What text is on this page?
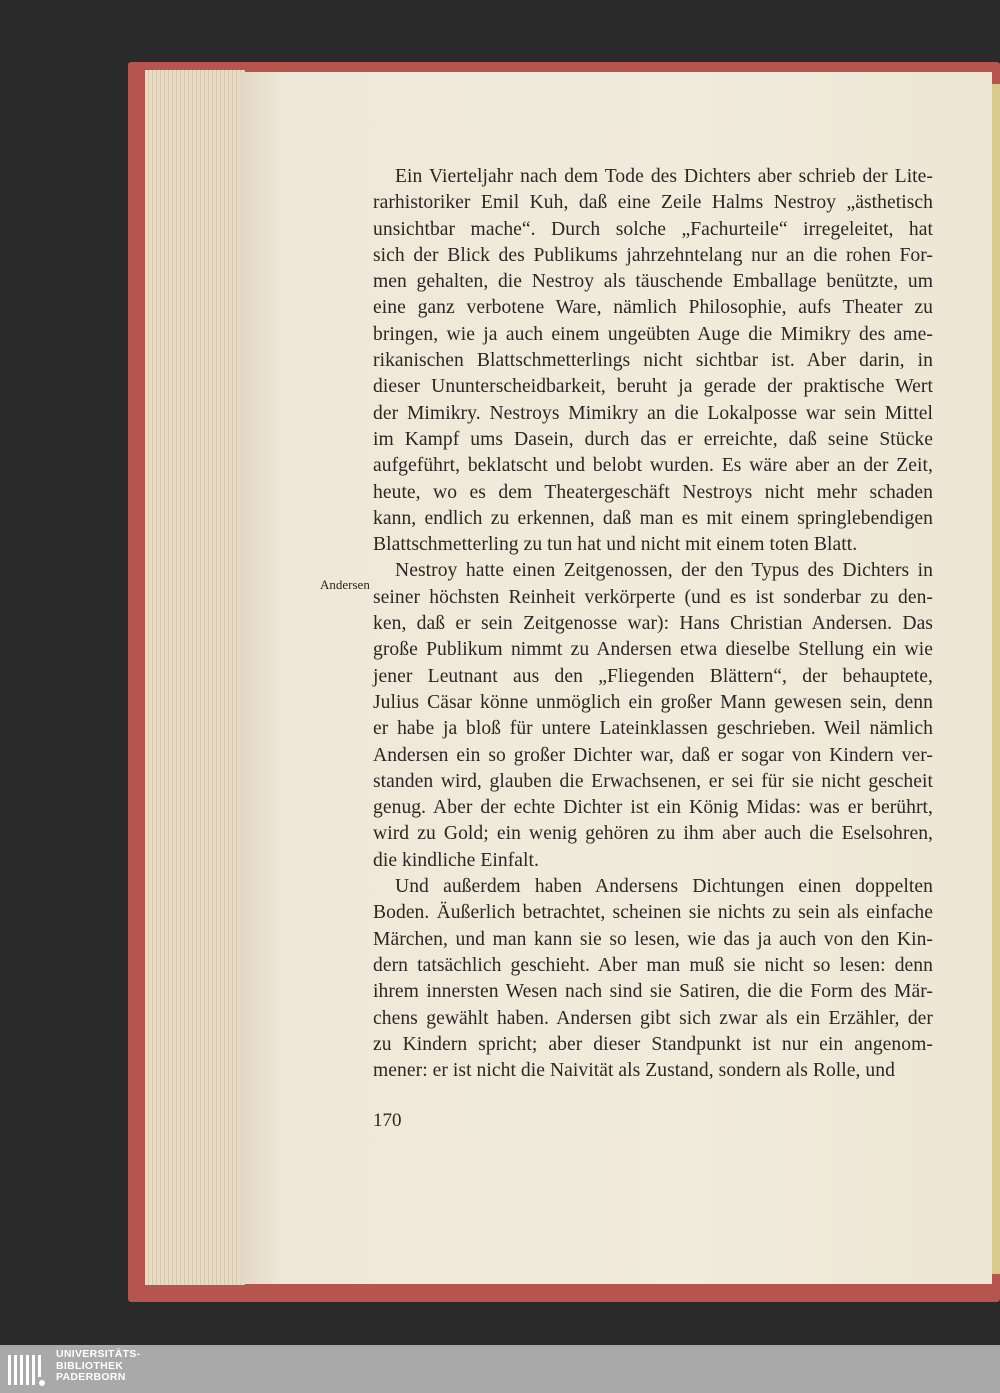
Andersen
Ein Vierteljahr nach dem Tode des Dichters aber schrieb der Lite-
rarhistoriker Emil Kuh, daß eine Zeile Halms Nestroy „ästhetisch
unsichtbar mache“. Durch solche „Fachurteile“ irregeleitet, hat
sich der Blick des Publikums jahrzehntelang nur an die rohen For-
men gehalten, die Nestroy als täuschende Emballage benützte, um
eine ganz verbotene Ware, nämlich Philosophie, aufs Theater zu
bringen, wie ja auch einem ungeübten Auge die Mimikry des ame-
rikanischen Blattschmetterlings nicht sichtbar ist. Aber darin, in
dieser Ununterscheidbarkeit, beruht ja gerade der praktische Wert
der Mimikry. Nestroys Mimikry an die Lokalposse war sein Mittel
im Kampf ums Dasein, durch das er erreichte, daß seine Stücke
aufgeführt, beklatscht und belobt wurden. Es wäre aber an der Zeit,
heute, wo es dem Theatergeschäft Nestroys nicht mehr schaden
kann, endlich zu erkennen, daß man es mit einem springlebendigen
Blattschmetterling zu tun hat und nicht mit einem toten Blatt.
Nestroy hatte einen Zeitgenossen, der den Typus des Dichters in
seiner höchsten Reinheit verkörperte (und es ist sonderbar zu den-
ken, daß er sein Zeitgenosse war): Hans Christian Andersen. Das
große Publikum nimmt zu Andersen etwa dieselbe Stellung ein wie
jener Leutnant aus den „Fliegenden Blättern“, der behauptete,
Julius Cäsar könne unmöglich ein großer Mann gewesen sein, denn
er habe ja bloß für untere Lateinklassen geschrieben. Weil nämlich
Andersen ein so großer Dichter war, daß er sogar von Kindern ver-
standen wird, glauben die Erwachsenen, er sei für sie nicht gescheit
genug. Aber der echte Dichter ist ein König Midas: was er berührt,
wird zu Gold; ein wenig gehören zu ihm aber auch die Eselsohren,
die kindliche Einfalt.
Und außerdem haben Andersens Dichtungen einen doppelten
Boden. Äußerlich betrachtet, scheinen sie nichts zu sein als einfache
Märchen, und man kann sie so lesen, wie das ja auch von den Kin-
dern tatsächlich geschieht. Aber man muß sie nicht so lesen: denn
ihrem innersten Wesen nach sind sie Satiren, die die Form des Mär-
chens gewählt haben. Andersen gibt sich zwar als ein Erzähler, der
zu Kindern spricht; aber dieser Standpunkt ist nur ein angenom-
mener: er ist nicht die Naivität als Zustand, sondern als Rolle, und
170
UNIVERSITÄTS-
BIBLIOTHEK
PADERBORN
